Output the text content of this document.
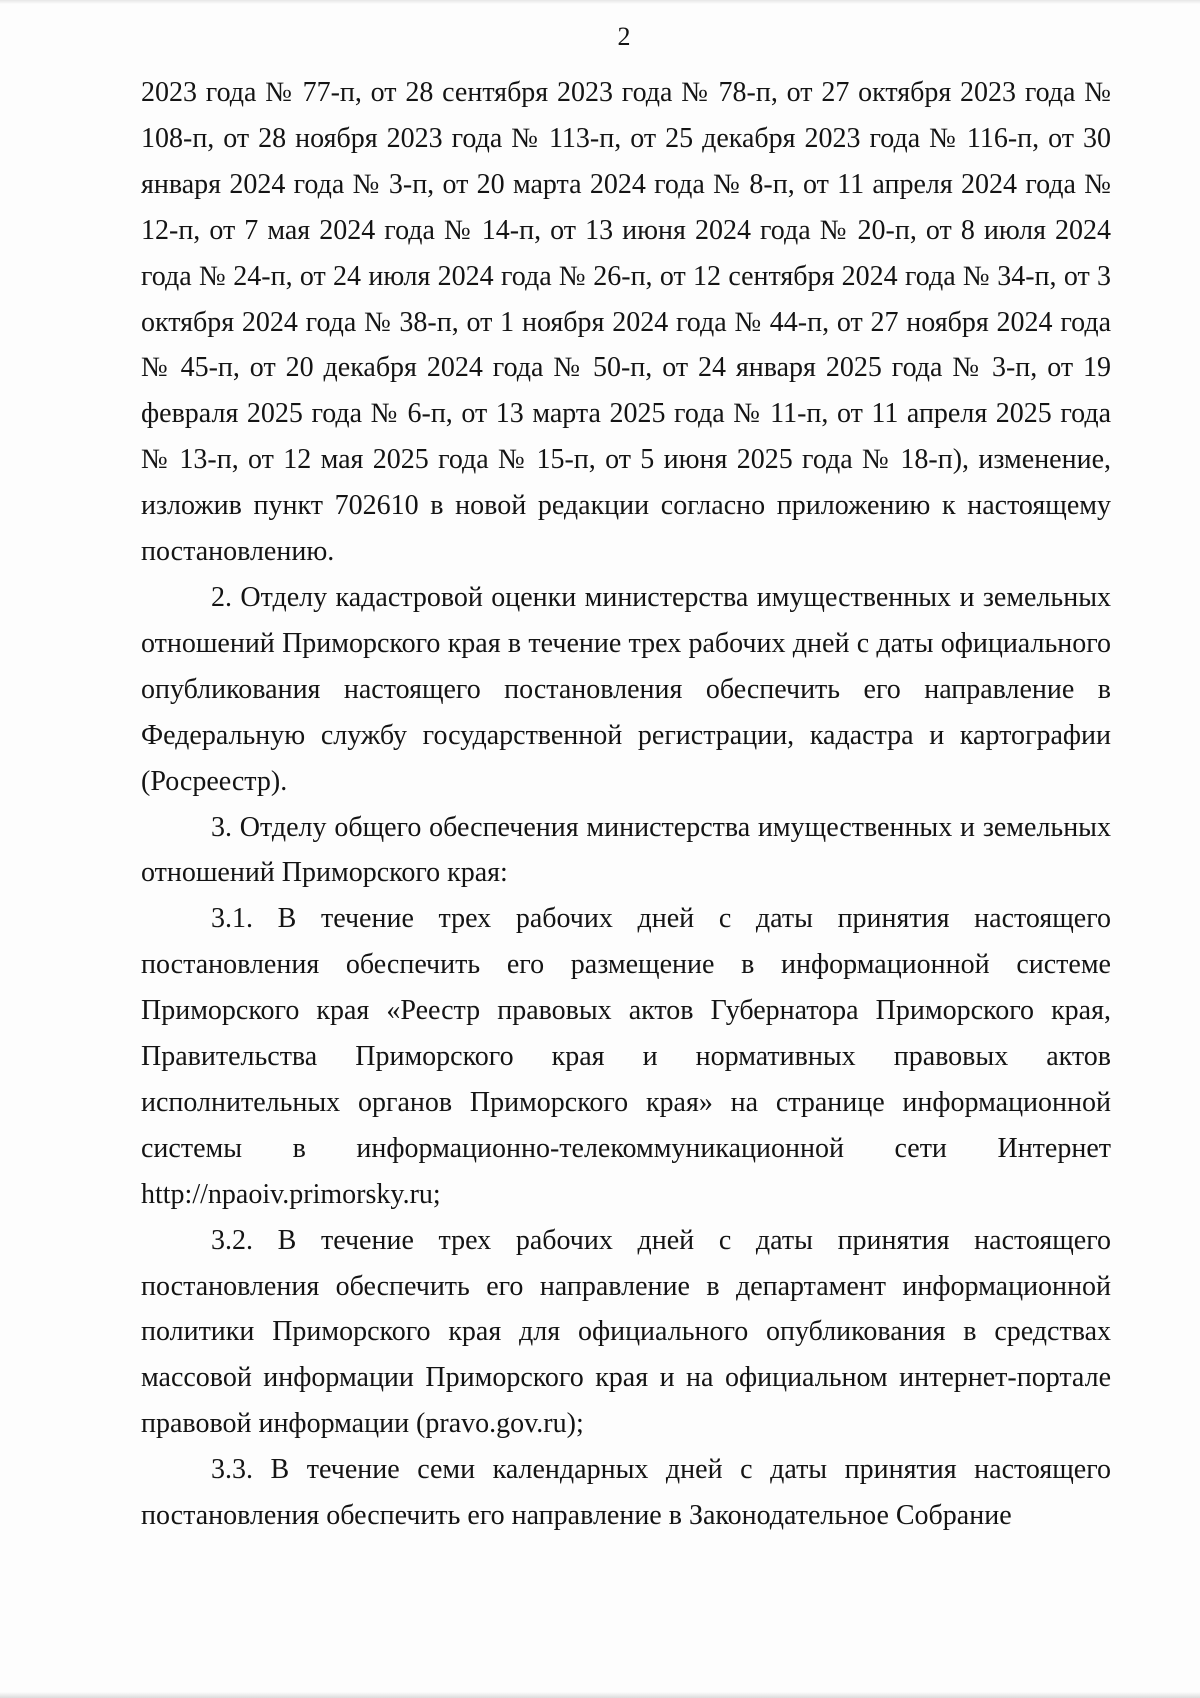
2

2023 года № 77-п, от 28 сентября 2023 года № 78-п, от 27 октября 2023 года № 108-п, от 28 ноября 2023 года № 113-п, от 25 декабря 2023 года № 116-п, от 30 января 2024 года № 3-п, от 20 марта 2024 года № 8-п, от 11 апреля 2024 года № 12-п, от 7 мая 2024 года № 14-п, от 13 июня 2024 года № 20-п, от 8 июля 2024 года № 24-п, от 24 июля 2024 года № 26-п, от 12 сентября 2024 года № 34-п, от 3 октября 2024 года № 38-п, от 1 ноября 2024 года № 44-п, от 27 ноября 2024 года № 45-п, от 20 декабря 2024 года № 50-п, от 24 января 2025 года № 3-п, от 19 февраля 2025 года № 6-п, от 13 марта 2025 года № 11-п, от 11 апреля 2025 года № 13-п, от 12 мая 2025 года № 15-п, от 5 июня 2025 года № 18-п), изменение, изложив пункт 702610 в новой редакции согласно приложению к настоящему постановлению.

2. Отделу кадастровой оценки министерства имущественных и земельных отношений Приморского края в течение трех рабочих дней с даты официального опубликования настоящего постановления обеспечить его направление в Федеральную службу государственной регистрации, кадастра и картографии (Росреестр).

3. Отделу общего обеспечения министерства имущественных и земельных отношений Приморского края:

3.1. В течение трех рабочих дней с даты принятия настоящего постановления обеспечить его размещение в информационной системе Приморского края «Реестр правовых актов Губернатора Приморского края, Правительства Приморского края и нормативных правовых актов исполнительных органов Приморского края» на странице информационной системы в информационно-телекоммуникационной сети Интернет http://npaoiv.primorsky.ru;

3.2. В течение трех рабочих дней с даты принятия настоящего постановления обеспечить его направление в департамент информационной политики Приморского края для официального опубликования в средствах массовой информации Приморского края и на официальном интернет-портале правовой информации (pravo.gov.ru);

3.3. В течение семи календарных дней с даты принятия настоящего постановления обеспечить его направление в Законодательное Собрание
